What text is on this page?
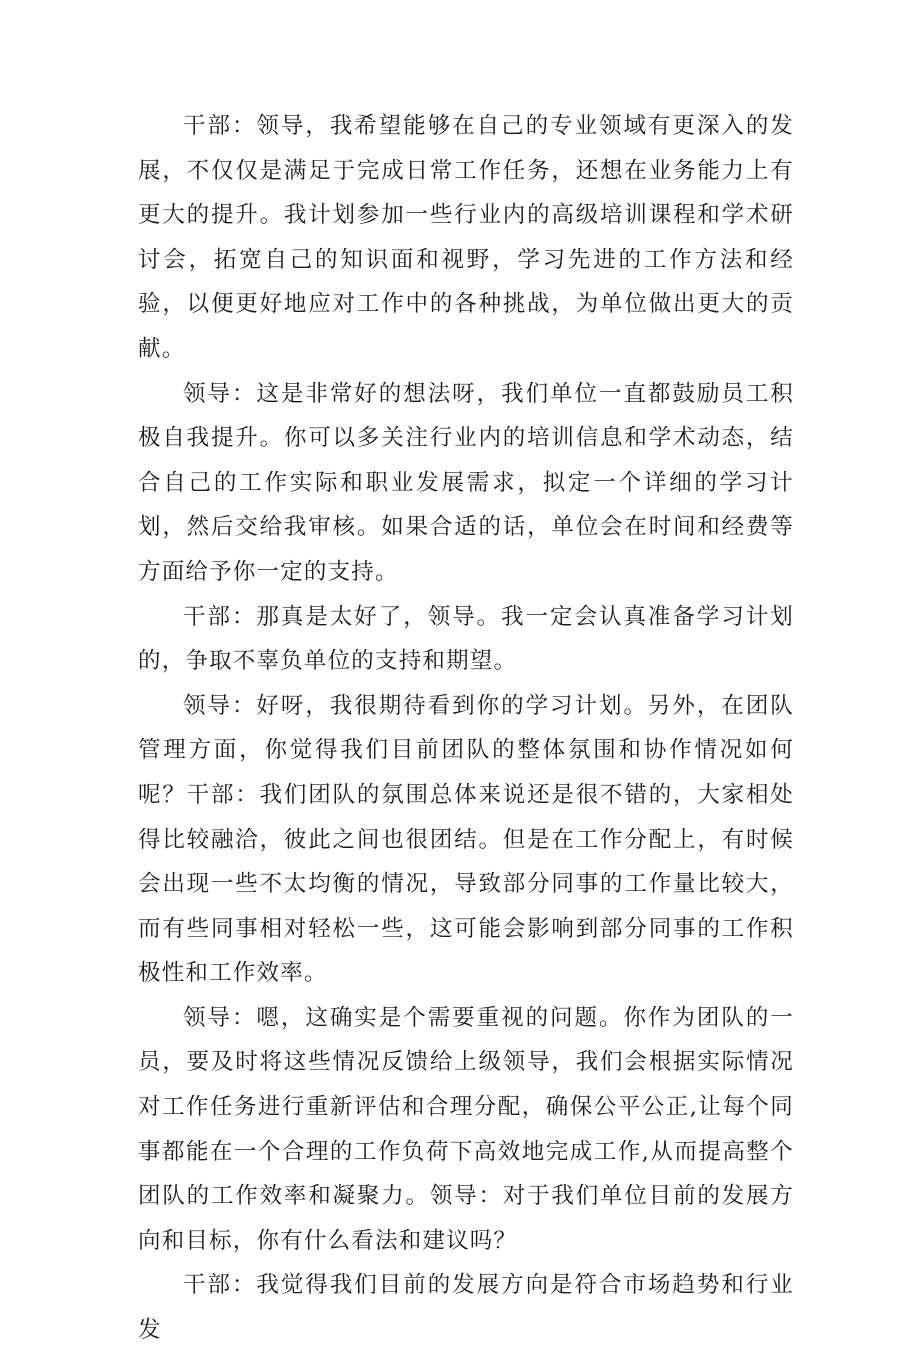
干部：领导，我希望能够在自己的专业领域有更深入的发展，不仅仅是满足于完成日常工作任务，还想在业务能力上有更大的提升。我计划参加一些行业内的高级培训课程和学术研讨会，拓宽自己的知识面和视野，学习先进的工作方法和经验，以便更好地应对工作中的各种挑战，为单位做出更大的贡献。

领导：这是非常好的想法呀，我们单位一直都鼓励员工积极自我提升。你可以多关注行业内的培训信息和学术动态，结合自己的工作实际和职业发展需求，拟定一个详细的学习计划，然后交给我审核。如果合适的话，单位会在时间和经费等方面给予你一定的支持。

干部：那真是太好了，领导。我一定会认真准备学习计划的，争取不辜负单位的支持和期望。

领导：好呀，我很期待看到你的学习计划。另外，在团队管理方面，你觉得我们目前团队的整体氛围和协作情况如何呢？干部：我们团队的氛围总体来说还是很不错的，大家相处得比较融洽，彼此之间也很团结。但是在工作分配上，有时候会出现一些不太均衡的情况，导致部分同事的工作量比较大，而有些同事相对轻松一些，这可能会影响到部分同事的工作积极性和工作效率。

领导：嗯，这确实是个需要重视的问题。你作为团队的一员，要及时将这些情况反馈给上级领导，我们会根据实际情况对工作任务进行重新评估和合理分配，确保公平公正,让每个同事都能在一个合理的工作负荷下高效地完成工作,从而提高整个团队的工作效率和凝聚力。领导：对于我们单位目前的发展方向和目标，你有什么看法和建议吗？

干部：我觉得我们目前的发展方向是符合市场趋势和行业发
